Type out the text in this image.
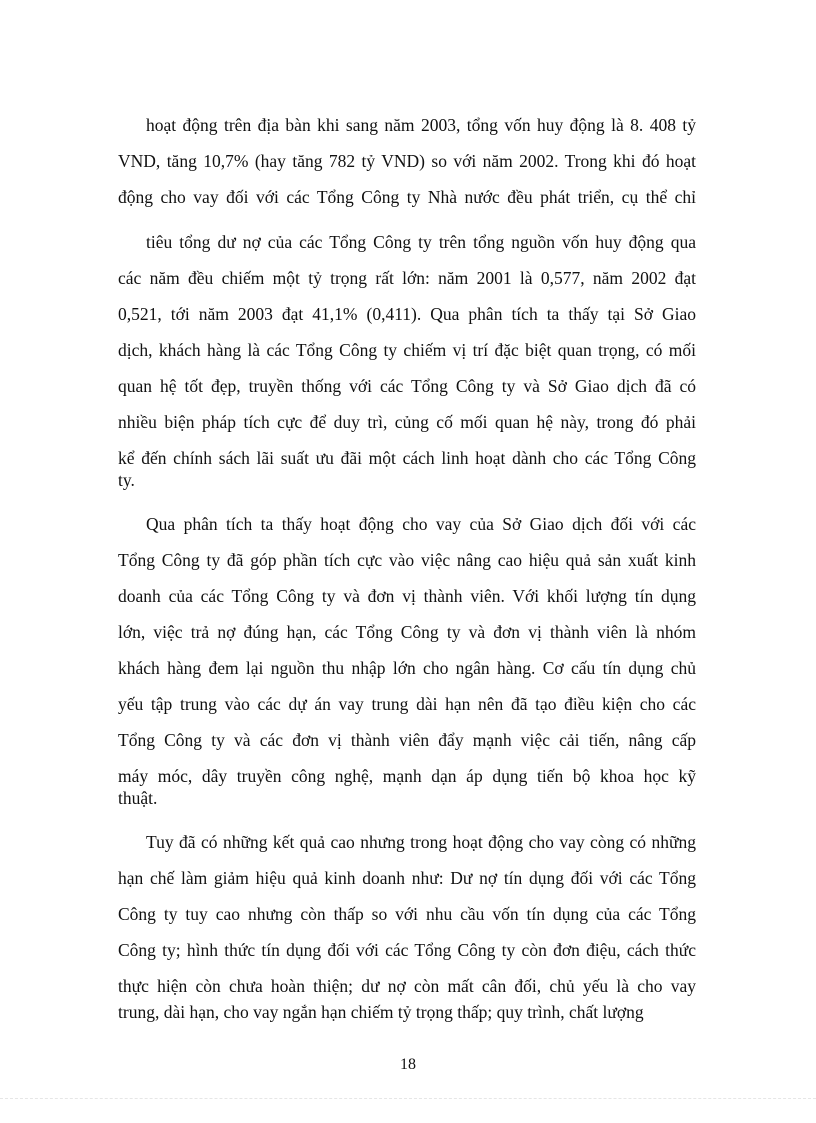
hoạt động trên địa bàn khi sang năm 2003, tổng vốn huy động là 8. 408 tỷ
VND, tăng 10,7% (hay tăng 782 tỷ VND) so với năm 2002. Trong khi đó hoạt
động cho vay đối với các Tổng Công ty Nhà nước đều phát triển, cụ thể chỉ
tiêu tổng dư nợ của các Tổng Công ty trên tổng nguồn vốn huy động qua
các năm đều chiếm một tỷ trọng rất lớn: năm 2001 là 0,577, năm 2002 đạt
0,521, tới năm 2003 đạt 41,1% (0,411). Qua phân tích ta thấy tại Sở Giao
dịch, khách hàng là các Tổng Công ty chiếm vị trí đặc biệt quan trọng, có mối
quan hệ tốt đẹp, truyền thống với các Tổng Công ty và Sở Giao dịch đã có
nhiều biện pháp tích cực để duy trì, củng cố mối quan hệ này, trong đó phải
kể đến chính sách lãi suất ưu đãi một cách linh hoạt dành cho các Tổng Công
ty.
Qua phân tích ta thấy hoạt động cho vay của Sở Giao dịch đối với các
Tổng Công ty đã góp phần tích cực vào việc nâng cao hiệu quả sản xuất kinh
doanh của các Tổng Công ty và đơn vị thành viên. Với khối lượng tín dụng
lớn, việc trả nợ đúng hạn, các Tổng Công ty và đơn vị thành viên là nhóm
khách hàng đem lại nguồn thu nhập lớn cho ngân hàng. Cơ cấu tín dụng chủ
yếu tập trung vào các dự án vay trung dài hạn nên đã tạo điều kiện cho các
Tổng Công ty và các đơn vị thành viên đẩy mạnh việc cải tiến, nâng cấp
máy móc, dây truyền công nghệ, mạnh dạn áp dụng tiến bộ khoa học kỹ
thuật.
Tuy đã có những kết quả cao nhưng trong hoạt động cho vay còng có những
hạn chế làm giảm hiệu quả kinh doanh như: Dư nợ tín dụng đối với các Tổng
Công ty tuy cao nhưng còn thấp so với nhu cầu vốn tín dụng của các Tổng
Công ty; hình thức tín dụng đối với các Tổng Công ty còn đơn điệu, cách thức
thực hiện còn chưa hoàn thiện; dư nợ còn mất cân đối, chủ yếu là cho vay
trung, dài hạn, cho vay ngắn hạn chiếm tỷ trọng thấp; quy trình, chất lượng
18
